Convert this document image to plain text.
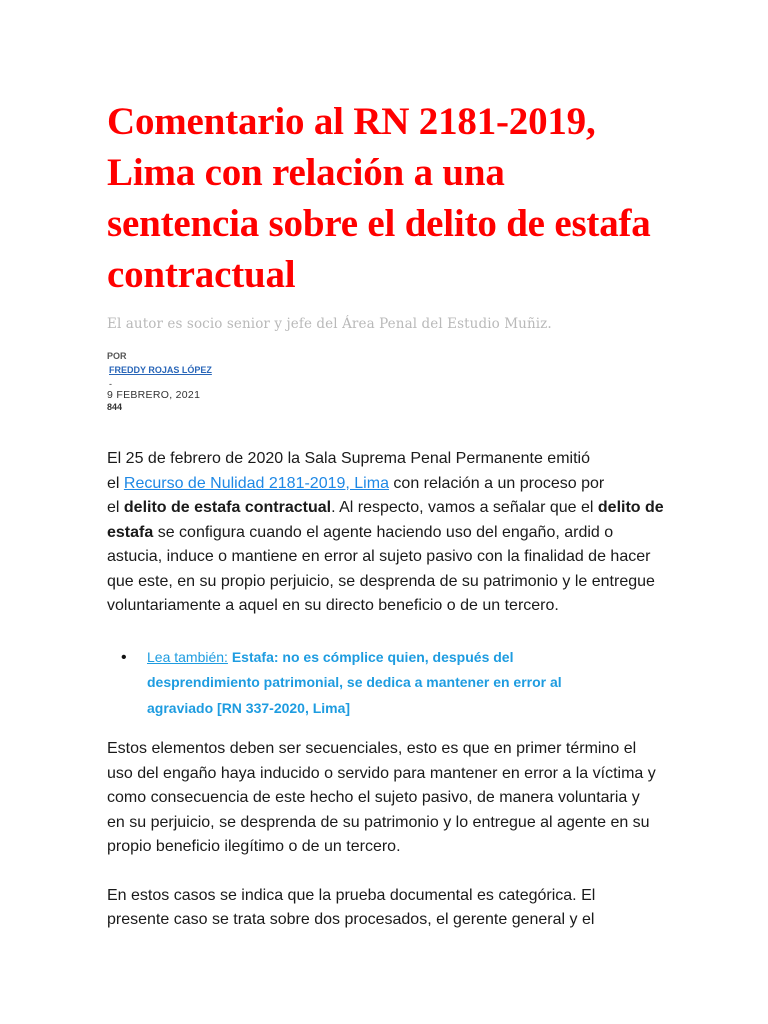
Comentario al RN 2181-2019,
Lima con relación a una
sentencia sobre el delito de estafa
contractual
El autor es socio senior y jefe del Área Penal del Estudio Muñiz.
POR
FREDDY ROJAS LÓPEZ
-
9 FEBRERO, 2021
844
El 25 de febrero de 2020 la Sala Suprema Penal Permanente emitió
el Recurso de Nulidad 2181-2019, Lima con relación a un proceso por
el delito de estafa contractual. Al respecto, vamos a señalar que el delito de
estafa se configura cuando el agente haciendo uso del engaño, ardid o
astucia, induce o mantiene en error al sujeto pasivo con la finalidad de hacer
que este, en su propio perjuicio, se desprenda de su patrimonio y le entregue
voluntariamente a aquel en su directo beneficio o de un tercero.
• Lea también: Estafa: no es cómplice quien, después del
desprendimiento patrimonial, se dedica a mantener en error al
agraviado [RN 337-2020, Lima]
Estos elementos deben ser secuenciales, esto es que en primer término el
uso del engaño haya inducido o servido para mantener en error a la víctima y
como consecuencia de este hecho el sujeto pasivo, de manera voluntaria y
en su perjuicio, se desprenda de su patrimonio y lo entregue al agente en su
propio beneficio ilegítimo o de un tercero.
En estos casos se indica que la prueba documental es categórica. El
presente caso se trata sobre dos procesados, el gerente general y el
